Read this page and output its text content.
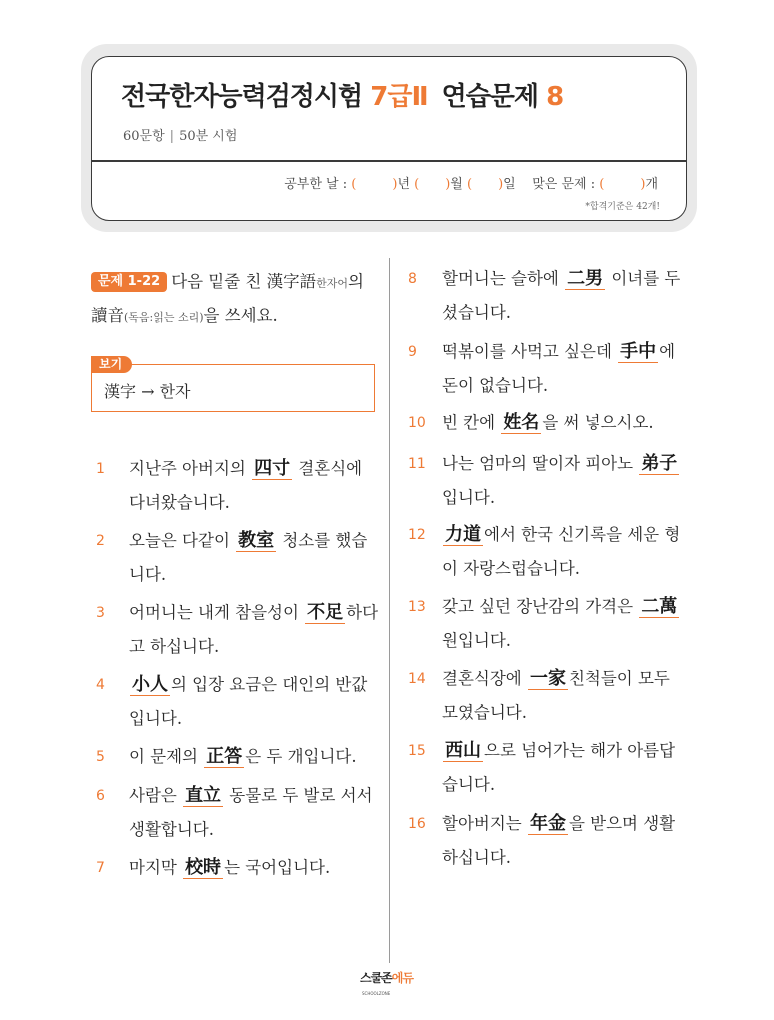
전국한자능력검정시험 7급Ⅱ 연습문제 8
60문항 | 50분 시험
공부한 날 : (	)년 ( )월 ( )일 맞은 문제 : (	)개
*합격기준은 42개!
문제 1-22 다음 밑줄 친 漢字語한자어의 讀音(독음:읽는 소리)을 쓰세요.
漢字 → 한자
보기
1	지난주 아버지의 四寸 결혼식에 다녀왔습니다.
2	오늘은 다같이 教室 청소를 했습니다.
3	어머니는 내게 참을성이 不足 하다고 하십니다.
4	小人 의 입장 요금은 대인의 반값입니다.
5	이 문제의 正答 은 두 개입니다.
6	사람은 直立 동물로 두 발로 서서 생활합니다.
7	마지막 校時 는 국어입니다.
8	할머니는 슬하에 二男 이녀를 두셨습니다.
9	떡볶이를 사먹고 싶은데 手中 에 돈이 없습니다.
10 빈 칸에 姓名 을 써 넣으시오.
11 나는 엄마의 딸이자 피아노 弟子입니다.
12	力道 에서 한국 신기록을 세운 형이 자랑스럽습니다.
13 갖고 싶던 장난감의 가격은 二萬 원입니다.
14 결혼식장에 一家 친척들이 모두 모였습니다.
15	西山 으로 넘어가는 해가 아름답습니다.
16 할아버지는 年金 을 받으며 생활하십니다.
스쿨존에듀
SCHOOLZONE
